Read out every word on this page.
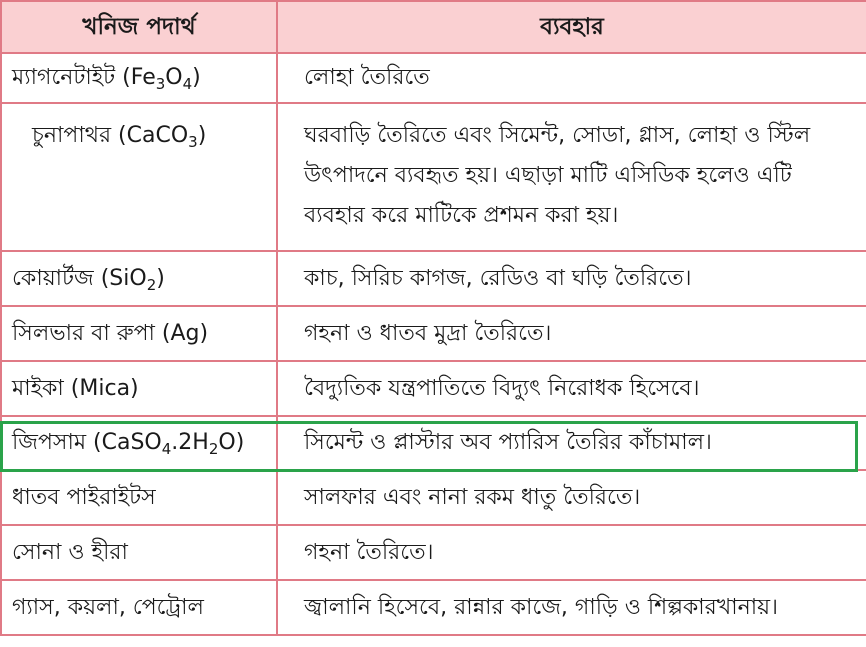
খনিজ পদার্থ	ব্যবহার
ম্যাগনেটাইট $(Fe_3O_4)$	লোহা তৈরিতে
চুনাপাথর (CaCO$_3$)	ঘরবাড়ি তৈরিতে এবং সিমেন্ট, সোডা, গ্লাস, লোহা ও স্টিল উৎপাদনে ব্যবহৃত হয়। এছাড়া মাটি এসিডিক হলেও এটি ব্যবহার করে মাটিকে প্রশমন করা হয়।
কোয়ার্টজ (SiO$_2$)	কাচ, সিরিচ কাগজ, রেডিও বা ঘড়ি তৈরিতে।
সিলভার বা রুপা (Ag)	গহনা ও ধাতব মুদ্রা তৈরিতে।
মাইকা (Mica)	বৈদ্যুতিক যন্ত্রপাতিতে বিদ্যুৎ নিরোধক হিসেবে।
জিপসাম $(CaSO_4.2H_2O)$	সিমেন্ট ও প্লাস্টার অব প্যারিস তৈরির কাঁচামাল।
ধাতব পাইরাইটস	সালফার এবং নানা রকম ধাতু তৈরিতে।
সোনা ও হীরা	গহনা তৈরিতে।
গ্যাস, কয়লা, পেট্রোল	জ্বালানি হিসেবে, রান্নার কাজে, গাড়ি ও শিল্পকারখানায়।
